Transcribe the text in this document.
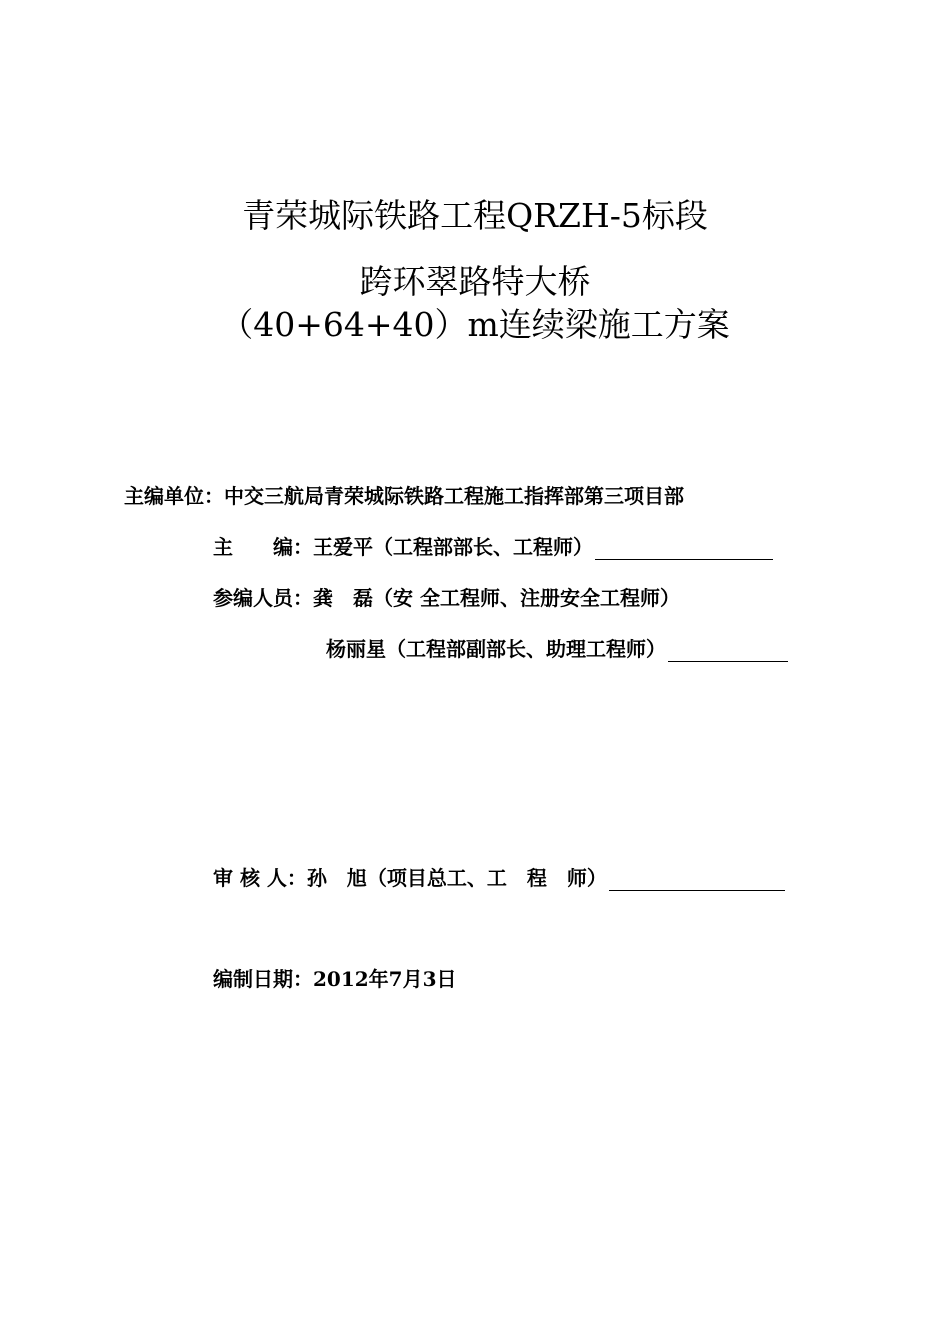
青荣城际铁路工程QRZH-5标段
跨环翠路特大桥
（40+64+40）m连续梁施工方案
主编单位：中交三航局青荣城际铁路工程施工指挥部第三项目部
主　　编：王爱平（工程部部长、工程师）
参编人员：龚　磊（安 全工程师、注册安全工程师）
杨丽星（工程部副部长、助理工程师）
审 核 人：孙　旭（项目总工、工　程　师）
编制日期：2012年7月3日
